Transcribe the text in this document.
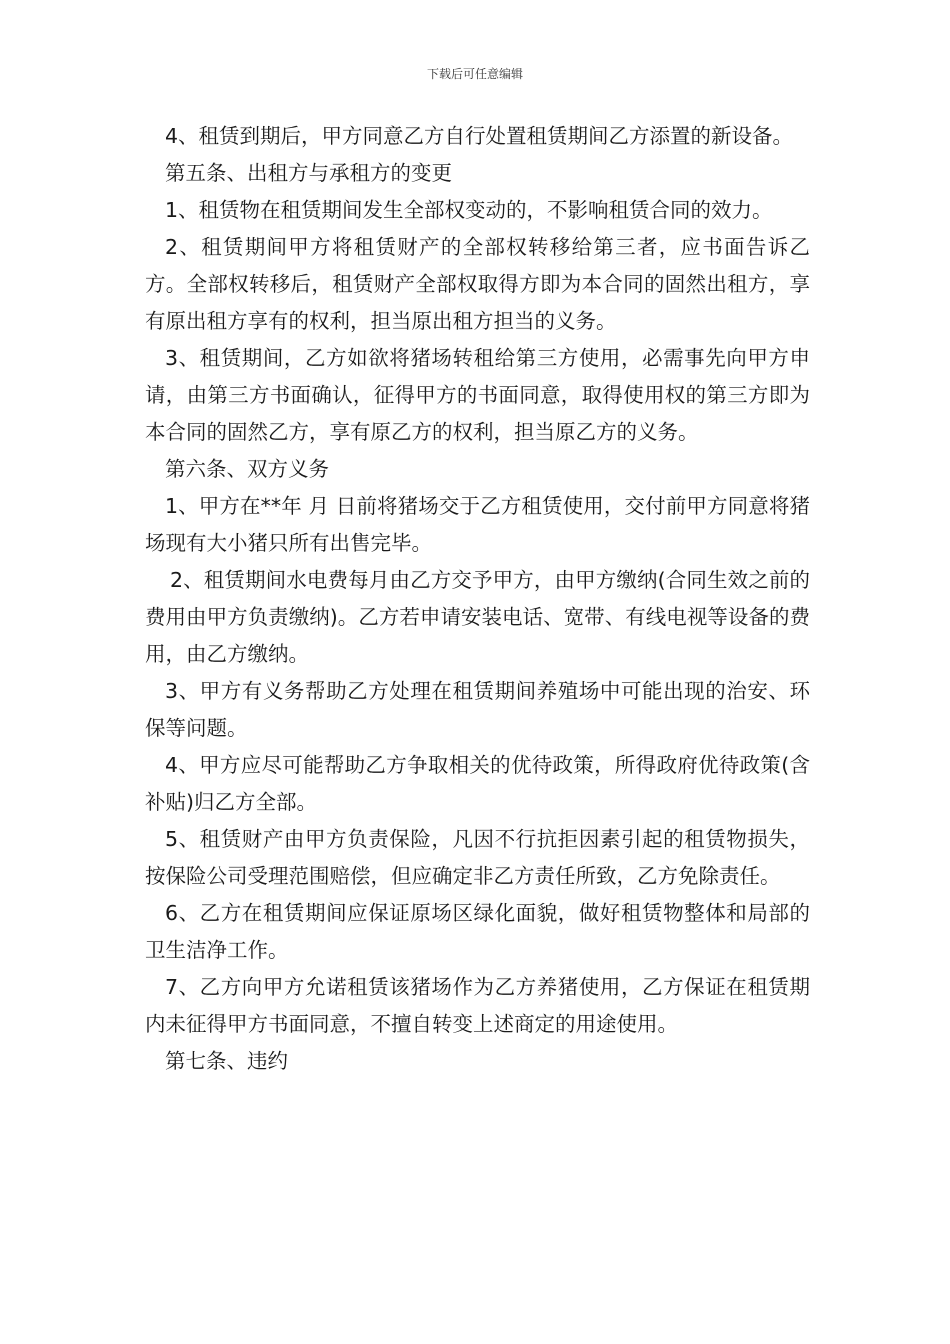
下载后可任意编辑

4、租赁到期后，甲方同意乙方自行处置租赁期间乙方添置的新设备。

第五条、出租方与承租方的变更

1、租赁物在租赁期间发生全部权变动的，不影响租赁合同的效力。

2、租赁期间甲方将租赁财产的全部权转移给第三者，应书面告诉乙方。全部权转移后，租赁财产全部权取得方即为本合同的固然出租方，享有原出租方享有的权利，担当原出租方担当的义务。

3、租赁期间，乙方如欲将猪场转租给第三方使用，必需事先向甲方申请，由第三方书面确认，征得甲方的书面同意，取得使用权的第三方即为本合同的固然乙方，享有原乙方的权利，担当原乙方的义务。

第六条、双方义务

1、甲方在**年 月 日前将猪场交于乙方租赁使用，交付前甲方同意将猪场现有大小猪只所有出售完毕。

2、租赁期间水电费每月由乙方交予甲方，由甲方缴纳(合同生效之前的费用由甲方负责缴纳)。乙方若申请安装电话、宽带、有线电视等设备的费用，由乙方缴纳。

3、甲方有义务帮助乙方处理在租赁期间养殖场中可能出现的治安、环保等问题。

4、甲方应尽可能帮助乙方争取相关的优待政策，所得政府优待政策(含补贴)归乙方全部。

5、租赁财产由甲方负责保险，凡因不行抗拒因素引起的租赁物损失，按保险公司受理范围赔偿，但应确定非乙方责任所致，乙方免除责任。

6、乙方在租赁期间应保证原场区绿化面貌，做好租赁物整体和局部的卫生洁净工作。

7、乙方向甲方允诺租赁该猪场作为乙方养猪使用，乙方保证在租赁期内未征得甲方书面同意，不擅自转变上述商定的用途使用。

第七条、违约
